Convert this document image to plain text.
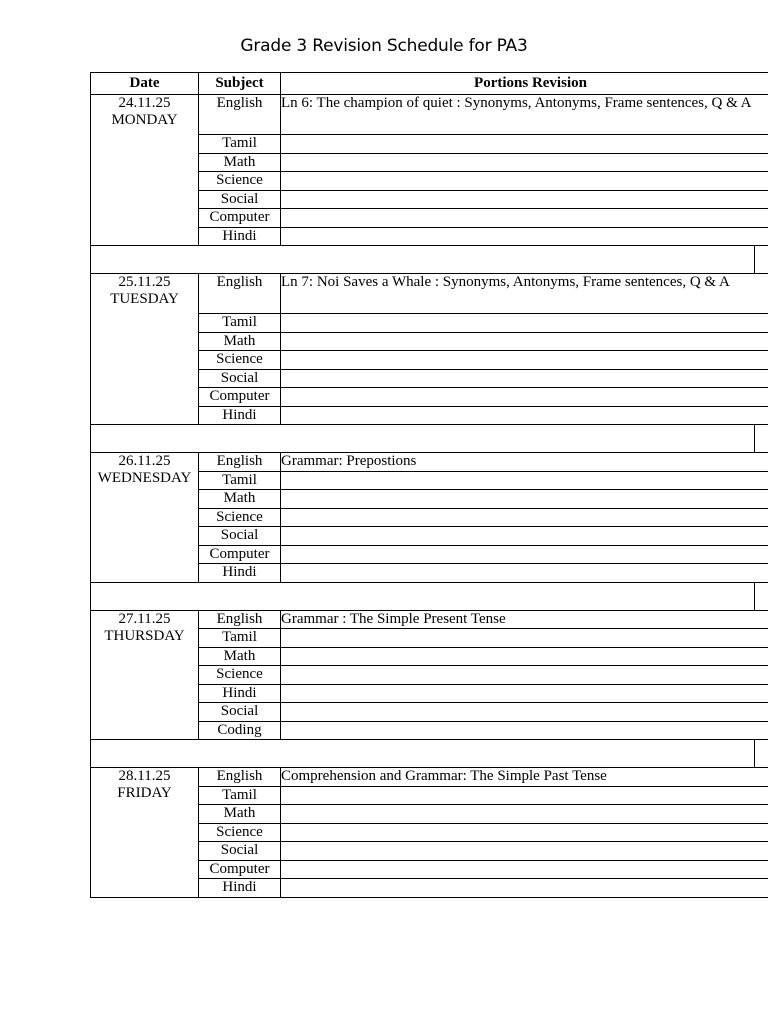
Grade 3 Revision Schedule for PA3
Date	Subject	Portions Revision

24.11.25
MONDAY	English	Ln 6: The champion of quiet : Synonyms, Antonyms, Frame sentences, Q & A
	Tamil	
	Math	
	Science	
	Social	
	Computer	
	Hindi	

25.11.25
TUESDAY	English	Ln 7: Noi Saves a Whale : Synonyms, Antonyms, Frame sentences, Q & A
	Tamil	
	Math	
	Science	
	Social	
	Computer	
	Hindi	

26.11.25
WEDNESDAY	English	Grammar: Prepostions
	Tamil	
	Math	
	Science	
	Social	
	Computer	
	Hindi	

27.11.25
THURSDAY	English	Grammar : The Simple Present Tense
	Tamil	
	Math	
	Science	
	Hindi	
	Social	
	Coding	

28.11.25
FRIDAY	English	Comprehension and Grammar: The Simple Past Tense
	Tamil	
	Math	
	Science	
	Social	
	Computer	
	Hindi	
